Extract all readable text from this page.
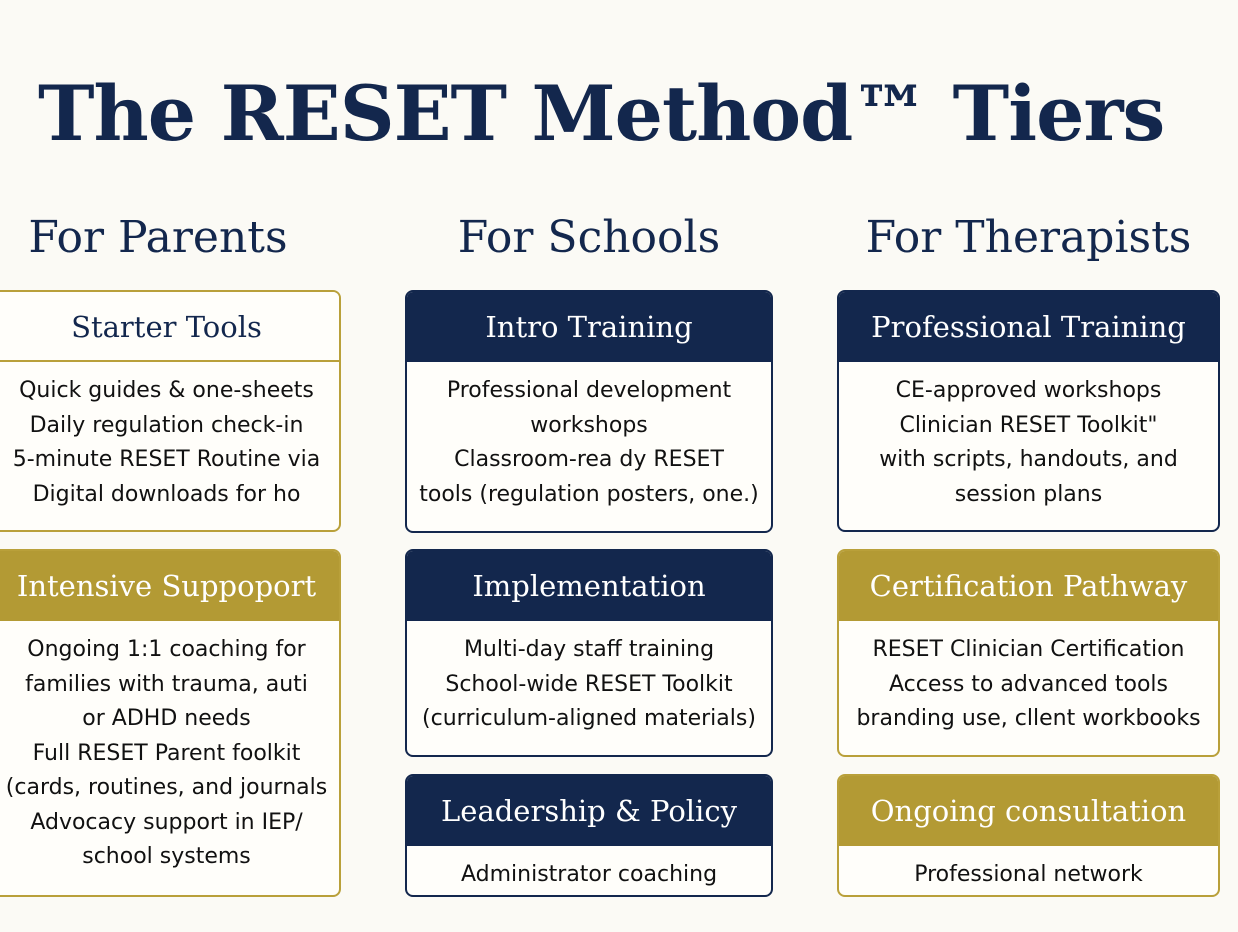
The RESET Method™ Tiers
For Parents	For Schools	For Therapists
Starter Tools
Quick guides & one-sheets
Daily regulation check-in
5-minute RESET Routine via
Digital downloads for ho
Intensive Suppoport
Ongoing 1:1 coaching for
families with trauma, auti
or ADHD needs
Full RESET Parent foolkit
(cards, routines, and journals
Advocacy support in IEP/
school systems
Intro Training
Professional development
workshops
Classroom-rea dy RESET
tools (regulation posters, one.)
Implementation
Multi-day staff training
School-wide RESET Toolkit
(curriculum-aligned materials)
Leadership & Policy
Administrator coaching
Professional Training
CE-approved workshops
Clinician RESET Toolkit"
with scripts, handouts, and
session plans
Certification Pathway
RESET Clinician Certification
Access to advanced tools
branding use, cllent workbooks
Ongoing consultation
Professional network
